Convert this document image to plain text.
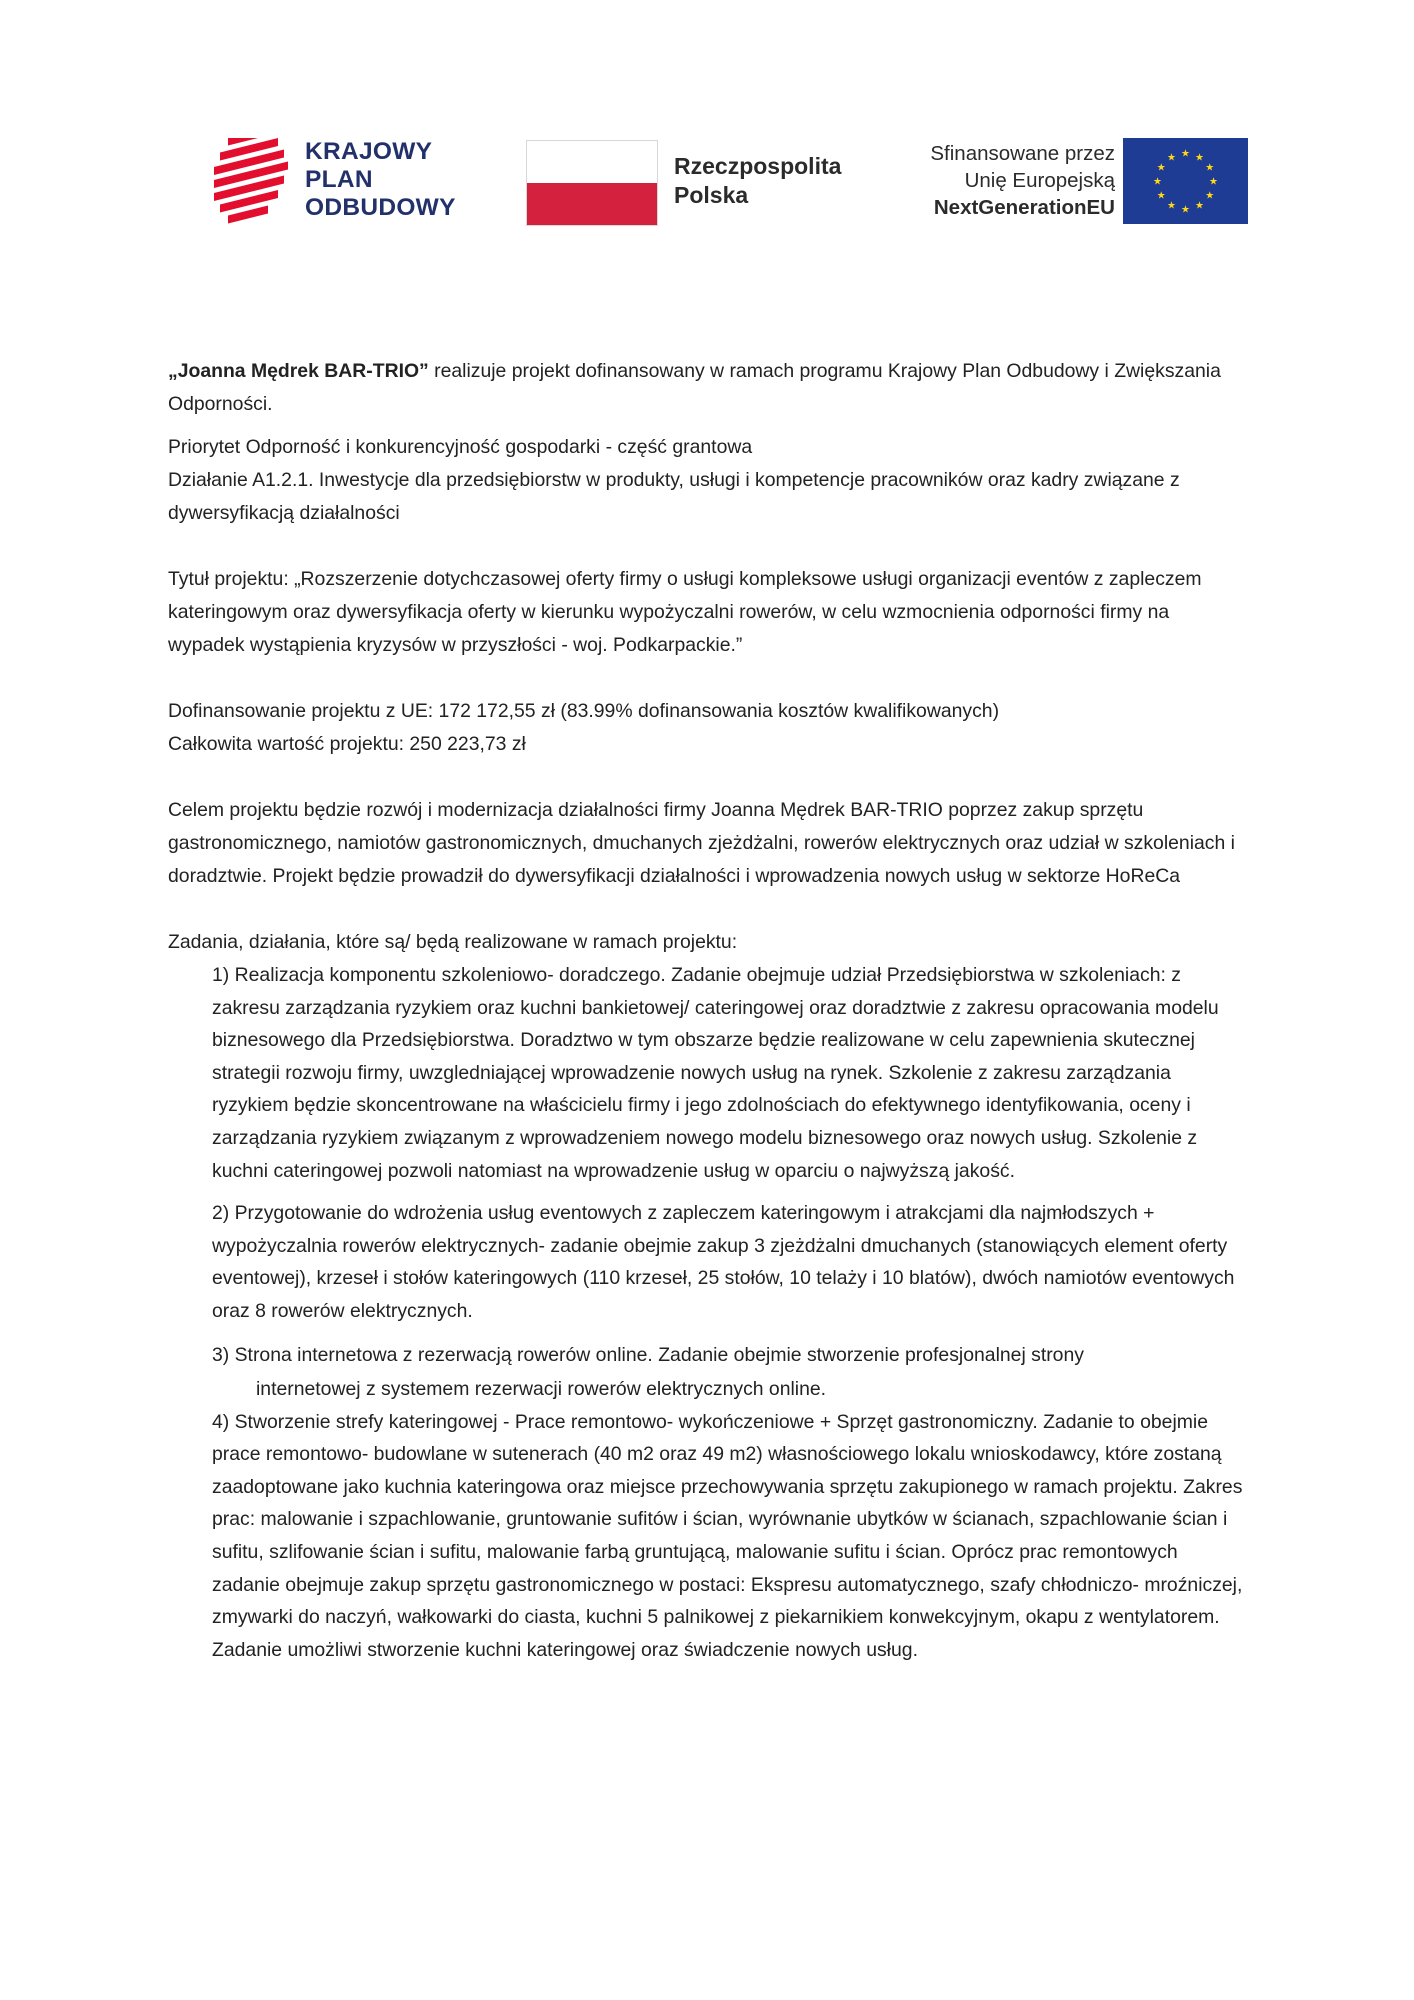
KRAJOWY
PLAN
ODBUDOWY
Rzeczpospolita
Polska
Sfinansowane przez
Unię Europejską
NextGenerationEU
★ ★
★
★
★
★
★
★
★
★
★
★

„Joanna Mędrek BAR-TRIO” realizuje projekt dofinansowany w ramach programu Krajowy Plan Odbudowy i Zwiększania Odporności.

Priorytet Odporność i konkurencyjność gospodarki - część grantowa

Działanie A1.2.1. Inwestycje dla przedsiębiorstw w produkty, usługi i kompetencje pracowników oraz kadry związane z dywersyfikacją działalności

Tytuł projektu: „Rozszerzenie dotychczasowej oferty firmy o usługi kompleksowe usługi organizacji eventów z zapleczem kateringowym oraz dywersyfikacja oferty w kierunku wypożyczalni rowerów, w celu wzmocnienia odporności firmy na wypadek wystąpienia kryzysów w przyszłości - woj. Podkarpackie.”

Dofinansowanie projektu z UE: 172 172,55 zł (83.99% dofinansowania kosztów kwalifikowanych)

Całkowita wartość projektu: 250 223,73 zł

Celem projektu będzie rozwój i modernizacja działalności firmy Joanna Mędrek BAR-TRIO poprzez zakup sprzętu gastronomicznego, namiotów gastronomicznych, dmuchanych zjeżdżalni, rowerów elektrycznych oraz udział w szkoleniach i doradztwie. Projekt będzie prowadził do dywersyfikacji działalności i wprowadzenia nowych usług w sektorze HoReCa

Zadania, działania, które są/ będą realizowane w ramach projektu:

1) Realizacja komponentu szkoleniowo- doradczego. Zadanie obejmuje udział Przedsiębiorstwa w szkoleniach: z zakresu zarządzania ryzykiem oraz kuchni bankietowej/ cateringowej oraz doradztwie z zakresu opracowania modelu biznesowego dla Przedsiębiorstwa. Doradztwo w tym obszarze będzie realizowane w celu zapewnienia skutecznej strategii rozwoju firmy, uwzgledniającej wprowadzenie nowych usług na rynek. Szkolenie z zakresu zarządzania ryzykiem będzie skoncentrowane na właścicielu firmy i jego zdolnościach do efektywnego identyfikowania, oceny i zarządzania ryzykiem związanym z wprowadzeniem nowego modelu biznesowego oraz nowych usług. Szkolenie z kuchni cateringowej pozwoli natomiast na wprowadzenie usług w oparciu o najwyższą jakość.
2) Przygotowanie do wdrożenia usług eventowych z zapleczem kateringowym i atrakcjami dla najmłodszych + wypożyczalnia rowerów elektrycznych- zadanie obejmie zakup 3 zjeżdżalni dmuchanych (stanowiących element oferty eventowej), krzeseł i stołów kateringowych (110 krzeseł, 25 stołów, 10 telaży i 10 blatów), dwóch namiotów eventowych oraz 8 rowerów elektrycznych.
3) Strona internetowa z rezerwacją rowerów online. Zadanie obejmie stworzenie profesjonalnej strony
internetowej z systemem rezerwacji rowerów elektrycznych online.
4) Stworzenie strefy kateringowej - Prace remontowo- wykończeniowe + Sprzęt gastronomiczny. Zadanie to obejmie prace remontowo- budowlane w sutenerach (40 m2 oraz 49 m2) własnościowego lokalu wnioskodawcy, które zostaną zaadoptowane jako kuchnia kateringowa oraz miejsce przechowywania sprzętu zakupionego w ramach projektu. Zakres prac: malowanie i szpachlowanie, gruntowanie sufitów i ścian, wyrównanie ubytków w ścianach, szpachlowanie ścian i sufitu, szlifowanie ścian i sufitu, malowanie farbą gruntującą, malowanie sufitu i ścian. Oprócz prac remontowych zadanie obejmuje zakup sprzętu gastronomicznego w postaci: Ekspresu automatycznego, szafy chłodniczo- mroźniczej, zmywarki do naczyń, wałkowarki do ciasta, kuchni 5 palnikowej z piekarnikiem konwekcyjnym, okapu z wentylatorem. Zadanie umożliwi stworzenie kuchni kateringowej oraz świadczenie nowych usług.
